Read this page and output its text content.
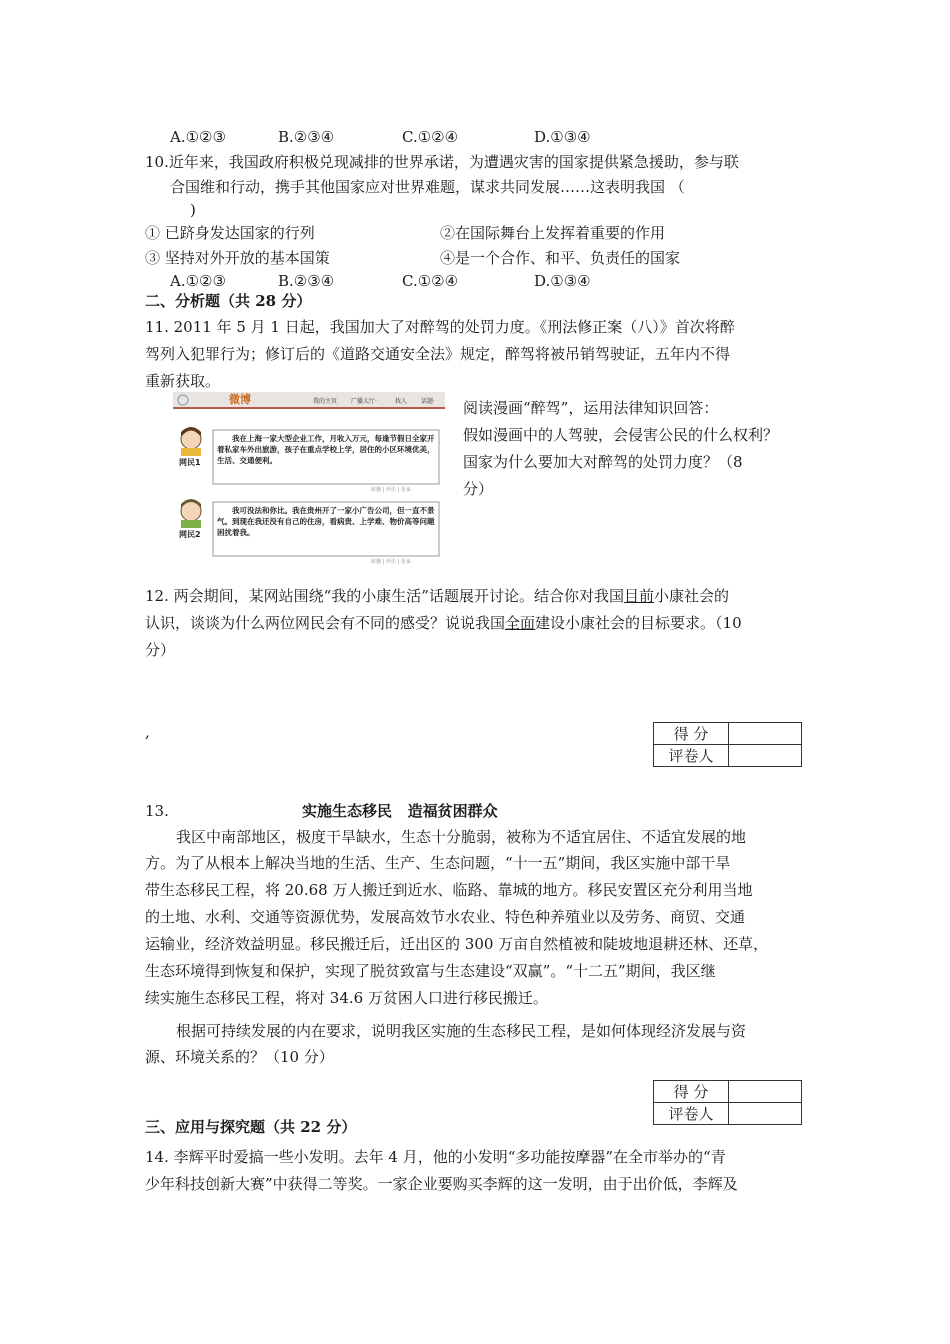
A.①②③	B.②③④	C.①②④	D.①③④
10.近年来，我国政府积极兑现减排的世界承诺，为遭遇灾害的国家提供紧急援助，参与联
合国维和行动，携手其他国家应对世界难题，谋求共同发展……这表明我国 （
)
① 已跻身发达国家的行列	②在国际舞台上发挥着重要的作用
③ 坚持对外开放的基本国策	④是一个合作、和平、负责任的国家
A.①②③	B.②③④	C.①②④	D.①③④
二、分析题（共 28 分）
11. 2011 年 5 月 1 日起，我国加大了对醉驾的处罚力度。《刑法修正案（八）》首次将醉
驾列入犯罪行为；修订后的《道路交通安全法》规定，醉驾将被吊销驾驶证，五年内不得
重新获取。
微博	我的主页 广播大厅·	找人 话题·
网民1
我在上海一家大型企业工作，月收入万元，每逢节假日全家开着私家车外出旅游，孩子在重点学校上学，居住的小区环境优美，生活、交通便利。
转播 | 评论 | 更多·
网民2
我可没法和你比。我在贵州开了一家小广告公司，但一直不景气。到现在我还没有自己的住房，看病贵、上学难、物价高等问题困扰着我。
转播 | 评论 | 更多·
阅读漫画“醉驾”，运用法律知识回答：
假如漫画中的人驾驶，会侵害公民的什么权利？
国家为什么要加大对醉驾的处罚力度？（8
分）
12. 两会期间，某网站围绕“我的小康生活”话题展开讨论。结合你对我国目前小康社会的
认识，谈谈为什么两位网民会有不同的感受？说说我国全面建设小康社会的目标要求。（10
分）
,	得 分	
评卷人	
13.	实施生态移民   造福贫困群众
我区中南部地区，极度干旱缺水，生态十分脆弱，被称为不适宜居住、不适宜发展的地
方。为了从根本上解决当地的生活、生产、生态问题，“十一五”期间，我区实施中部干旱
带生态移民工程，将 20.68 万人搬迁到近水、临路、靠城的地方。移民安置区充分利用当地
的土地、水利、交通等资源优势，发展高效节水农业、特色种养殖业以及劳务、商贸、交通
运输业，经济效益明显。移民搬迁后，迁出区的 300 万亩自然植被和陡坡地退耕还林、还草，
生态环境得到恢复和保护，实现了脱贫致富与生态建设“双赢”。“十二五”期间，我区继
续实施生态移民工程，将对 34.6 万贫困人口进行移民搬迁。
根据可持续发展的内在要求，说明我区实施的生态移民工程，是如何体现经济发展与资
源、环境关系的？（10 分）
得 分	
评卷人	
三、应用与探究题（共 22 分）
14. 李辉平时爱搞一些小发明。去年 4 月，他的小发明“多功能按摩器”在全市举办的“青
少年科技创新大赛”中获得二等奖。一家企业要购买李辉的这一发明，由于出价低，李辉及
